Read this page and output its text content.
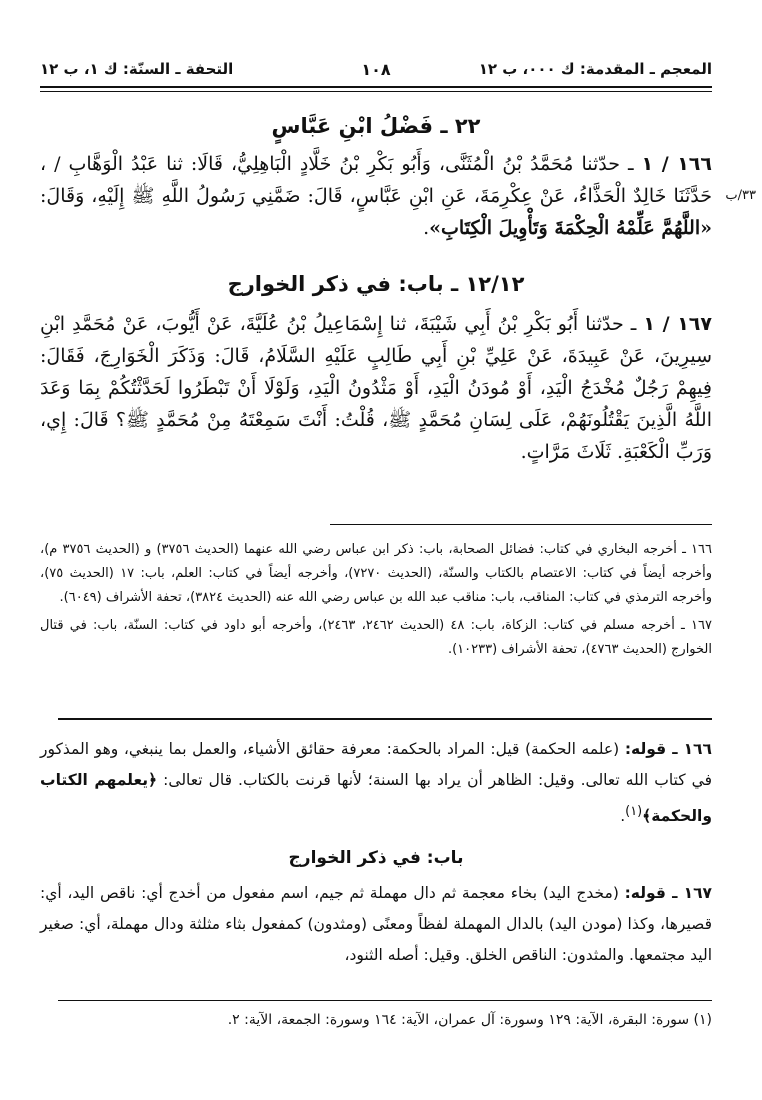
المعجم ـ المقدمة: ك ٠٠٠، ب ١٢
١٠٨
التحفة ـ السنّة: ك ١، ب ١٢
٢٢ ـ فَضْلُ ابْنِ عَبَّاسٍ

١٦٦ / ١ ـ حدّثنا مُحَمَّدُ بْنُ الْمُثَنَّى، وَأَبُو بَكْرِ بْنُ خَلَّادٍ الْبَاهِلِيُّ، قَالَا: ثنا عَبْدُ الْوَهَّابِ / ، حَدَّثَنَا خَالِدٌ الْحَذَّاءُ، عَنْ عِكْرِمَةَ، عَنِ ابْنِ عَبَّاسٍ، قَالَ: ضَمَّنِي رَسُولُ اللَّهِ ﷺ إِلَيْهِ، وَقَالَ: «اللَّهُمَّ عَلِّمْهُ الْحِكْمَةَ وَتَأْوِيلَ الْكِتَابِ».

٣٣/ب
١٢/١٢ ـ باب: في ذكر الخوارج

١٦٧ / ١ ـ حدّثنا أَبُو بَكْرِ بْنُ أَبِي شَيْبَةَ، ثنا إِسْمَاعِيلُ بْنُ عُلَيَّةَ، عَنْ أَيُّوبَ، عَنْ مُحَمَّدِ ابْنِ سِيرِينَ، عَنْ عَبِيدَةَ، عَنْ عَلِيِّ بْنِ أَبِي طَالِبٍ عَلَيْهِ السَّلَامُ، قَالَ: وَذَكَرَ الْخَوَارِجَ، فَقَالَ: فِيهِمْ رَجُلٌ مُخْدَجُ الْيَدِ، أَوْ مُودَنُ الْيَدِ، أَوْ مَثْدُونُ الْيَدِ، وَلَوْلَا أَنْ تَبْطَرُوا لَحَدَّثْتُكُمْ بِمَا وَعَدَ اللَّهُ الَّذِينَ يَقْتُلُونَهُمْ، عَلَى لِسَانِ مُحَمَّدٍ ﷺ، قُلْتُ: أَنْتَ سَمِعْتَهُ مِنْ مُحَمَّدٍ ﷺ؟ قَالَ: إِي، وَرَبِّ الْكَعْبَةِ. ثَلَاثَ مَرَّاتٍ.

١٦٦ ـ أخرجه البخاري في كتاب: فضائل الصحابة، باب: ذكر ابن عباس رضي الله عنهما (الحديث ٣٧٥٦) و (الحديث ٣٧٥٦ م)، وأخرجه أيضاً في كتاب: الاعتصام بالكتاب والسنّة، (الحديث ٧٢٧٠)، وأخرجه أيضاً في كتاب: العلم، باب: ١٧ (الحديث ٧٥)، وأخرجه الترمذي في كتاب: المناقب، باب: مناقب عبد الله بن عباس رضي الله عنه (الحديث ٣٨٢٤)، تحفة الأشراف (٦٠٤٩).

١٦٧ ـ أخرجه مسلم في كتاب: الزكاة، باب: ٤٨ (الحديث ٢٤٦٢، ٢٤٦٣)، وأخرجه أبو داود في كتاب: السنّة، باب: في قتال الخوارج (الحديث ٤٧٦٣)، تحفة الأشراف (١٠٢٣٣).

١٦٦ ـ قوله: (علمه الحكمة) قيل: المراد بالحكمة: معرفة حقائق الأشياء، والعمل بما ينبغي، وهو المذكور في كتاب الله تعالى. وقيل: الظاهر أن يراد بها السنة؛ لأنها قرنت بالكتاب. قال تعالى: ﴿يعلمهم الكتاب والحكمة﴾$^{(١)}$.

باب: في ذكر الخوارج

١٦٧ ـ قوله: (مخدج اليد) بخاء معجمة ثم دال مهملة ثم جيم، اسم مفعول من أخدج أي: ناقص اليد، أي: قصيرها، وكذا (مودن اليد) بالدال المهملة لفظاً ومعنًى (ومثدون) كمفعول بثاء مثلثة ودال مهملة، أي: صغير اليد مجتمعها. والمثدون: الناقص الخلق. وقيل: أصله الثنود،

(١) سورة: البقرة، الآية: ١٢٩ وسورة: آل عمران، الآية: ١٦٤ وسورة: الجمعة، الآية: ٢.
